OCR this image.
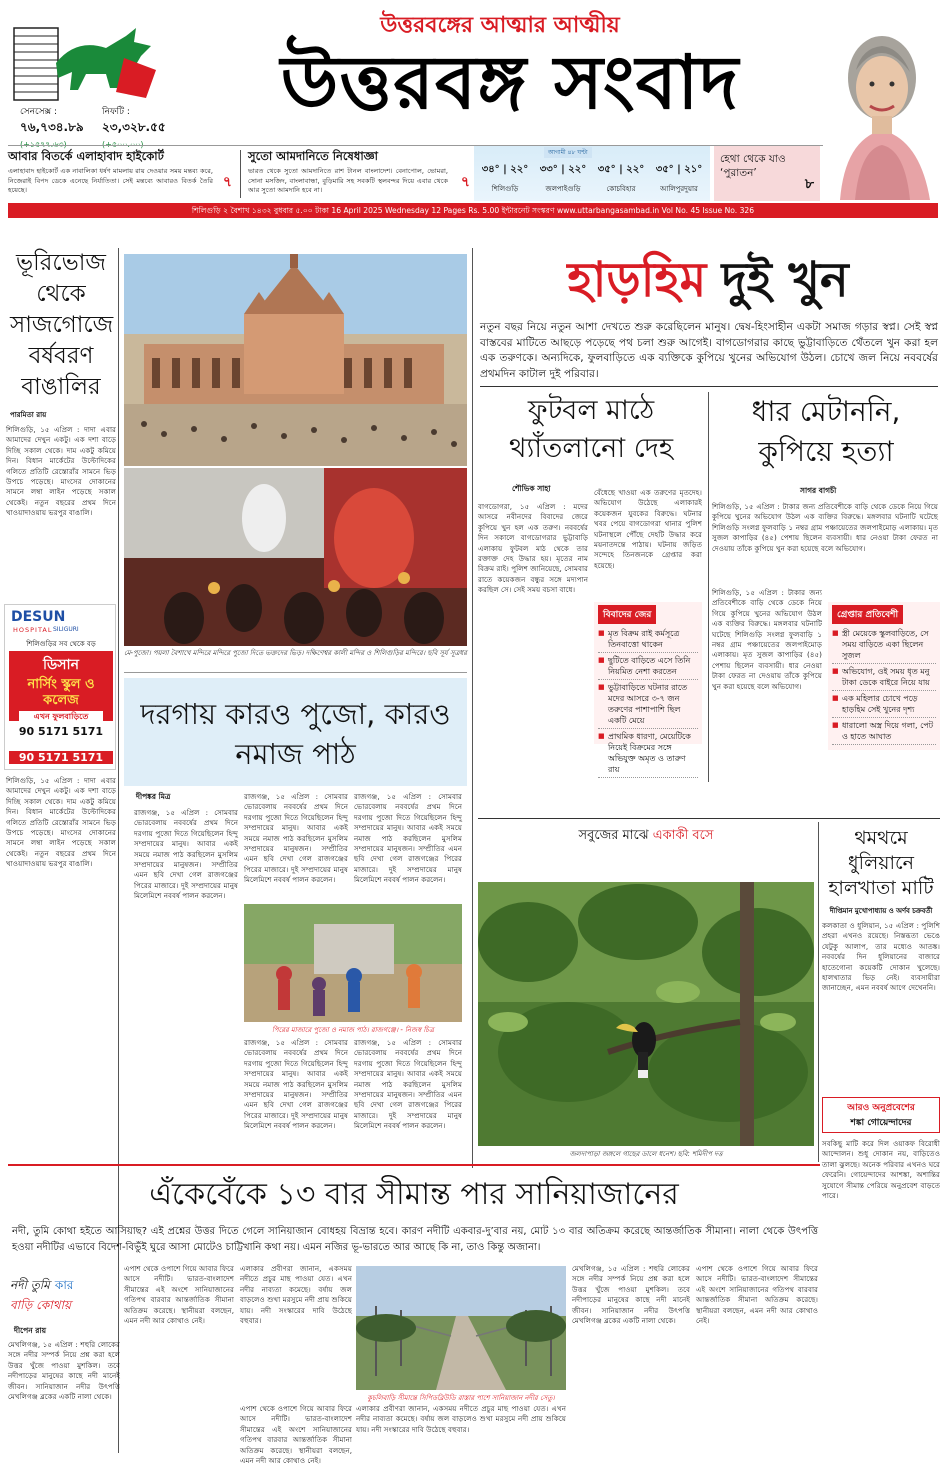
উত্তরবঙ্গের আত্মার আত্মীয়
উত্তরবঙ্গ সংবাদ
সেনসেক্স :
৭৬,৭৩৪.৮৯
(+১৫৭৭.৬৩)
নিফটি :
২৩,৩২৮.৫৫
(+৫০০.০০)
আবার বিতর্কে এলাহাবাদ হাইকোর্ট
এলাহাবাদ হাইকোর্ট এক নাবালিকা ধর্ষণ মামলায় রায় দেওয়ার সময় মন্তব্য করে, নিজেরাই বিপদ ডেকে এনেছে নির্যাতিতা। সেই মন্তব্যে আবারও বিতর্ক তৈরি হয়েছে।	৭
সুতো আমদানিতে নিষেধাজ্ঞা
ভারত থেকে সুতো আমদানিতে রাশ টানল বাংলাদেশ। বেনাপোল, ভোমরা, সোনা মসজিদ, বাংলাবান্ধা, বুড়িমারি সহ সবকটি স্থলবন্দর দিয়ে এবার থেকে আর সুতো আমদানি হবে না।	৭
আগামী ৪৮ ঘণ্টা
৩৪° | ২২°
শিলিগুড়ি
৩৩° | ২২°
জলপাইগুড়ি
৩৫° | ২২°
কোচবিহার
৩৫° | ২১°
আলিপুরদুয়ার
হেথা থেকে যাও ‘পুরাতন’
৮
শিলিগুড়ি ২ বৈশাখ ১৪৩২ বুধবার ৫.০০ টাকা 16 April 2025 Wednesday 12 Pages Rs. 5.00 ইন্টারনেট সংস্করণ www.uttarbangasambad.in Vol No. 45 Issue No. 326
ভূরিভোজ থেকে সাজগোজে বর্ষবরণ বাঙালির
পারমিতা রায়
শিলিগুড়ি, ১৫ এপ্রিল : দাদা এবার আমাদের দেখুন একটু। এক দশা বাড়ে দিচ্ছি সকাল থেকে। দাম একটু কমিয়ে দিন। বিধান মার্কেটের উল্টোদিকের গলিতে প্রতিটি রেস্তোরাঁর সামনে ভিড় উপচে পড়েছে। মাংসের দোকানের সামনে লম্বা লাইন পড়েছে সকাল থেকেই। নতুন বছরের প্রথম দিনে খাওয়াদাওয়ায় ভরপুর বাঙালি।
DESUN
HOSPITAL SILIGURI
শিলিগুড়ির সব থেকে বড়
ডিসান
নার্সিং স্কুল ও কলেজ
এখন ফুলবাড়িতে
90 5171 5171
90 5171 5171
শিলিগুড়ি, ১৫ এপ্রিল : দাদা এবার আমাদের দেখুন একটু। এক দশা বাড়ে দিচ্ছি সকাল থেকে। দাম একটু কমিয়ে দিন। বিধান মার্কেটের উল্টোদিকের গলিতে প্রতিটি রেস্তোরাঁর সামনে ভিড় উপচে পড়েছে। মাংসের দোকানের সামনে লম্বা লাইন পড়েছে সকাল থেকেই। নতুন বছরের প্রথম দিনে খাওয়াদাওয়ায় ভরপুর বাঙালি।
মে-পুজো। পয়লা বৈশাখে মন্দিরে মন্দিরে পুজো দিতে ভক্তদের ভিড়। দক্ষিণেশ্বর কালী মন্দির ও শিলিগুড়ির মন্দিরে। ছবি সূর্য সূত্রধর
দরগায় কারও পুজো, কারও নমাজ পাঠ
দীপঙ্কর মিত্র
রাজগঞ্জ, ১৫ এপ্রিল : সোমবার ভোরবেলায় নববর্ষের প্রথম দিনে দরগায় পুজো দিতে গিয়েছিলেন হিন্দু সম্প্রদায়ের মানুষ। আবার একই সময়ে নমাজ পাঠ করছিলেন মুসলিম সম্প্রদায়ের মানুষজন। সম্প্রীতির এমন ছবি দেখা গেল রাজগঞ্জের পিরের মাজারে। দুই সম্প্রদায়ের মানুষ মিলেমিশে নববর্ষ পালন করলেন।
রাজগঞ্জ, ১৫ এপ্রিল : সোমবার ভোরবেলায় নববর্ষের প্রথম দিনে দরগায় পুজো দিতে গিয়েছিলেন হিন্দু সম্প্রদায়ের মানুষ। আবার একই সময়ে নমাজ পাঠ করছিলেন মুসলিম সম্প্রদায়ের মানুষজন। সম্প্রীতির এমন ছবি দেখা গেল রাজগঞ্জের পিরের মাজারে। দুই সম্প্রদায়ের মানুষ মিলেমিশে নববর্ষ পালন করলেন।
রাজগঞ্জ, ১৫ এপ্রিল : সোমবার ভোরবেলায় নববর্ষের প্রথম দিনে দরগায় পুজো দিতে গিয়েছিলেন হিন্দু সম্প্রদায়ের মানুষ। আবার একই সময়ে নমাজ পাঠ করছিলেন মুসলিম সম্প্রদায়ের মানুষজন। সম্প্রীতির এমন ছবি দেখা গেল রাজগঞ্জের পিরের মাজারে। দুই সম্প্রদায়ের মানুষ মিলেমিশে নববর্ষ পালন করলেন।
পিরের মাজারে পুজো ও নমাজ পাঠ। রাজগঞ্জে। - নিজস্ব চিত্র
রাজগঞ্জ, ১৫ এপ্রিল : সোমবার ভোরবেলায় নববর্ষের প্রথম দিনে দরগায় পুজো দিতে গিয়েছিলেন হিন্দু সম্প্রদায়ের মানুষ। আবার একই সময়ে নমাজ পাঠ করছিলেন মুসলিম সম্প্রদায়ের মানুষজন। সম্প্রীতির এমন ছবি দেখা গেল রাজগঞ্জের পিরের মাজারে। দুই সম্প্রদায়ের মানুষ মিলেমিশে নববর্ষ পালন করলেন।
রাজগঞ্জ, ১৫ এপ্রিল : সোমবার ভোরবেলায় নববর্ষের প্রথম দিনে দরগায় পুজো দিতে গিয়েছিলেন হিন্দু সম্প্রদায়ের মানুষ। আবার একই সময়ে নমাজ পাঠ করছিলেন মুসলিম সম্প্রদায়ের মানুষজন। সম্প্রীতির এমন ছবি দেখা গেল রাজগঞ্জের পিরের মাজারে। দুই সম্প্রদায়ের মানুষ মিলেমিশে নববর্ষ পালন করলেন।
হাড়হিম দুই খুন
নতুন বছর নিয়ে নতুন আশা দেখতে শুরু করেছিলেন মানুষ। দ্বেষ-হিংসাহীন একটা সমাজ গড়ার স্বপ্ন। সেই স্বপ্ন বাস্তবের মাটিতে আছড়ে পড়েছে পথ চলা শুরু আগেই। বাগডোগরার কাছে ভুট্টাবাড়িতে থেঁতলে খুন করা হল এক তরুণকে। অন্যদিকে, ফুলবাড়িতে এক ব্যক্তিকে কুপিয়ে খুনের অভিযোগ উঠল। চোখে জল নিয়ে নববর্ষের প্রথমদিন কাটাল দুই পরিবার।
ফুটবল মাঠে থ্যাঁতলানো দেহ
শৌভিক সাহা
বাগডোগরা, ১৫ এপ্রিল : মদের আসরে নবীনদের বিবাদের জেরে কুপিয়ে খুন হল এক তরুণ। নববর্ষের দিন সকালে বাগডোগরার ভুট্টাবাড়ি এলাকায় ফুটবল মাঠ থেকে তার রক্তাক্ত দেহ উদ্ধার হয়। মৃতের নাম বিক্রম রাই। পুলিশ জানিয়েছে, সোমবার রাতে কয়েকজন বন্ধুর সঙ্গে মদ্যপান করছিল সে। সেই সময় বচসা বাধে।
বেঁধেছে খাওয়া এক তরুণের মৃতদেহ। অভিযোগ উঠেছে এলাকারই কয়েকজন যুবকের বিরুদ্ধে। ঘটনার খবর পেয়ে বাগডোগরা থানার পুলিশ ঘটনাস্থলে পৌঁছে দেহটি উদ্ধার করে ময়নাতদন্তে পাঠায়। ঘটনায় জড়িত সন্দেহে তিনজনকে গ্রেপ্তার করা হয়েছে।
বিবাদের জের
■ মৃত বিক্রম রাই কর্মসূত্রে তিনবাত্তো থাকেন
■ ছুটিতে বাড়িতে এসে তিনি নিয়মিত নেশা করতেন
■ ভুট্টাবাড়িতে ঘটনার রাতে মদের আসরে ৩-৭ জন তরুণের পাশাপাশি ছিল একটি মেয়ে
■ প্রাথমিক ধারণা, মেয়েটিকে নিয়েই বিক্রমের সঙ্গে অভিযুক্ত অমৃত ও তারুণ রায়
ধার মেটাননি, কুপিয়ে হত্যা
সাগর বাগচী
শিলিগুড়ি, ১৫ এপ্রিল : টাকার জন্য প্রতিবেশীকে বাড়ি থেকে ডেকে নিয়ে গিয়ে কুপিয়ে খুনের অভিযোগ উঠল এক ব্যক্তির বিরুদ্ধে। মঙ্গলবার ঘটনাটি ঘটেছে শিলিগুড়ি সংলগ্ন ফুলবাড়ি ১ নম্বর গ্রাম পঞ্চায়েতের জলপাইমোড় এলাকায়। মৃত সুজল কাপাড়ির (৪৫) পেশায় ছিলেন ব্যবসায়ী। ধার নেওয়া টাকা ফেরত না দেওয়ায় তাঁকে কুপিয়ে খুন করা হয়েছে বলে অভিযোগ।
শিলিগুড়ি, ১৫ এপ্রিল : টাকার জন্য প্রতিবেশীকে বাড়ি থেকে ডেকে নিয়ে গিয়ে কুপিয়ে খুনের অভিযোগ উঠল এক ব্যক্তির বিরুদ্ধে। মঙ্গলবার ঘটনাটি ঘটেছে শিলিগুড়ি সংলগ্ন ফুলবাড়ি ১ নম্বর গ্রাম পঞ্চায়েতের জলপাইমোড় এলাকায়। মৃত সুজল কাপাড়ির (৪৫) পেশায় ছিলেন ব্যবসায়ী। ধার নেওয়া টাকা ফেরত না দেওয়ায় তাঁকে কুপিয়ে খুন করা হয়েছে বলে অভিযোগ।
গ্রেপ্তার প্রতিবেশী
■ স্ত্রী মেয়েকে স্কুলবাড়িতে, সে সময় বাড়িতে একা ছিলেন সুজল
■ অভিযোগ, ওই সময় ধৃত মনু টাকা ডেকে বাইরে নিয়ে যায়
■ এক মহিলার চোখে পড়ে হাড়হিম সেই খুনের দৃশ্য
■ ধারালো অস্ত্র দিয়ে গলা, পেট ও হাতে আঘাত
সবুজের মাঝে একাকী বসে
জলদাপাড়া জঙ্গলে গাছের ডালে ধনেশ। ছবি: শমিদীপ দত্ত
থমথমে ধুলিয়ানে হালখাতা মাটি
দীপ্তিমান মুখোপাধ্যায় ও অর্ণব চক্রবর্তী
কলকাতা ও ধুলিয়ান, ১৫ এপ্রিল : পুলিশি প্রহরা এখনও রয়েছে। নিস্তব্ধতা ভেঙে যেটুকু আলাপ, তার মধ্যেও আতঙ্ক। নববর্ষের দিন ধুলিয়ানের বাজারে হাতেগোনা কয়েকটি দোকান খুলেছে। হালখাতার ভিড় নেই। ব্যবসায়ীরা জানাচ্ছেন, এমন নববর্ষ আগে দেখেননি।
আরও অনুপ্রবেশের
শঙ্কা গোয়েন্দাদের
সবকিছু মাটি করে দিল ওয়াকফ বিরোধী আন্দোলন। শুধু দোকান নয়, বাড়িতেও তালা ঝুলছে। অনেক পরিবার এখনও ঘরে ফেরেনি। গোয়েন্দাদের আশঙ্কা, অশান্তির সুযোগে সীমান্ত পেরিয়ে অনুপ্রবেশ বাড়তে পারে।
এঁকেবেঁকে ১৩ বার সীমান্ত পার সানিয়াজানের
নদী, তুমি কোথা হইতে আসিয়াছ? এই প্রশ্নের উত্তর দিতে গেলে সানিয়াজান বোধহয় বিভ্রান্ত হবে। কারণ নদীটি একবার-দু’বার নয়, মোট ১৩ বার অতিক্রম করেছে আন্তর্জাতিক সীমানা। নালা থেকে উৎপত্তি হওয়া নদীটির এভাবে বিদেশ-বিভুঁই ঘুরে আসা মোটেও চাট্টিখানি কথা নয়। এমন নজির ভূ-ভারতে আর আছে কি না, তাও কিন্তু অজানা।
নদী তুমি কার
বাড়ি কোথায়
দীপেন রায়
মেখলিগঞ্জ, ১৫ এপ্রিল : শহুরি লোকের সঙ্গে নদীর সম্পর্ক নিয়ে প্রশ্ন করা হলে উত্তর খুঁজে পাওয়া মুশকিল। তবে নদীপাড়ের মানুষের কাছে নদী মানেই জীবন। সানিয়াজান নদীর উৎপত্তি মেখলিগঞ্জ ব্লকের একটি নালা থেকে।
এপাশ থেকে ওপাশে গিয়ে আবার ফিরে আসে নদীটি। ভারত-বাংলাদেশ সীমান্তের এই অংশে সানিয়াজানের গতিপথ বারবার আন্তর্জাতিক সীমানা অতিক্রম করেছে। স্থানীয়রা বলছেন, এমন নদী আর কোথাও নেই।
এলাকার প্রবীণরা জানান, একসময় নদীতে প্রচুর মাছ পাওয়া যেত। এখন নদীর নাব্যতা কমেছে। বর্ষায় জল বাড়লেও শুখা মরসুমে নদী প্রায় শুকিয়ে যায়। নদী সংস্কারের দাবি উঠেছে বহুবার।
কুচলিবাড়ি সীমান্তে সিপিডব্লিউডি রাস্তার পাশে সানিয়াজান নদীর সেতু।
এপাশ থেকে ওপাশে গিয়ে আবার ফিরে আসে নদীটি। ভারত-বাংলাদেশ সীমান্তের এই অংশে সানিয়াজানের গতিপথ বারবার আন্তর্জাতিক সীমানা অতিক্রম করেছে। স্থানীয়রা বলছেন, এমন নদী আর কোথাও নেই।
এলাকার প্রবীণরা জানান, একসময় নদীতে প্রচুর মাছ পাওয়া যেত। এখন নদীর নাব্যতা কমেছে। বর্ষায় জল বাড়লেও শুখা মরসুমে নদী প্রায় শুকিয়ে যায়। নদী সংস্কারের দাবি উঠেছে বহুবার।
মেখলিগঞ্জ, ১৫ এপ্রিল : শহুরি লোকের সঙ্গে নদীর সম্পর্ক নিয়ে প্রশ্ন করা হলে উত্তর খুঁজে পাওয়া মুশকিল। তবে নদীপাড়ের মানুষের কাছে নদী মানেই জীবন। সানিয়াজান নদীর উৎপত্তি মেখলিগঞ্জ ব্লকের একটি নালা থেকে।
এপাশ থেকে ওপাশে গিয়ে আবার ফিরে আসে নদীটি। ভারত-বাংলাদেশ সীমান্তের এই অংশে সানিয়াজানের গতিপথ বারবার আন্তর্জাতিক সীমানা অতিক্রম করেছে। স্থানীয়রা বলছেন, এমন নদী আর কোথাও নেই।
